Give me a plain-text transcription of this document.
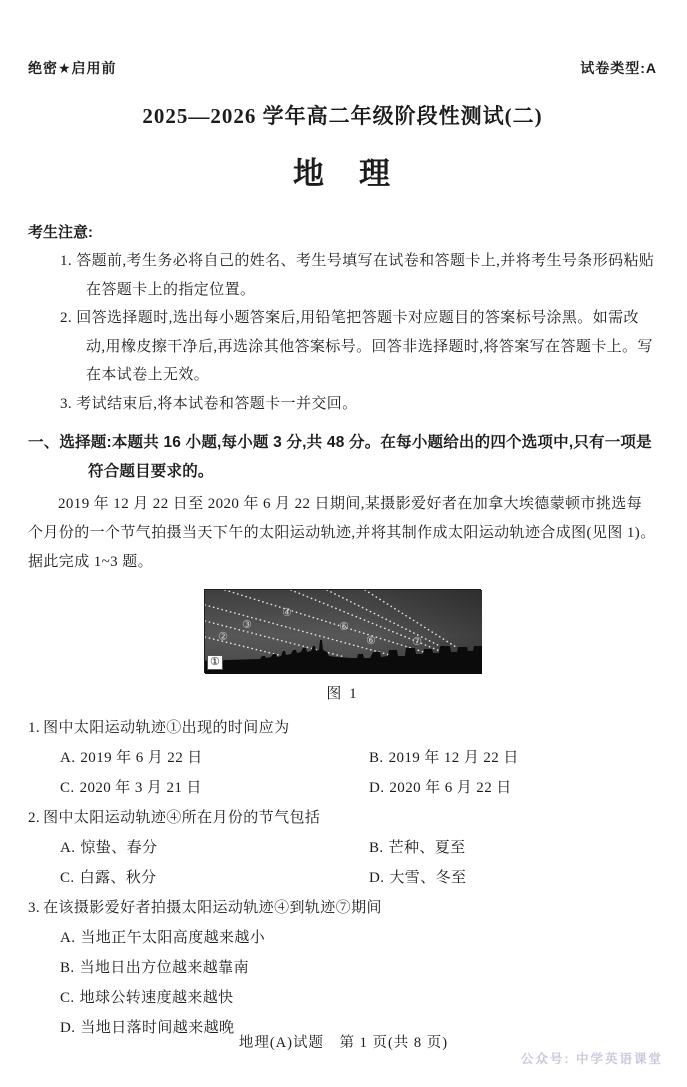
绝密★启用前	试卷类型:A
2025—2026 学年高二年级阶段性测试(二)
地　理
考生注意:

1. 答题前,考生务必将自己的姓名、考生号填写在试卷和答题卡上,并将考生号条形码粘贴在答题卡上的指定位置。

2. 回答选择题时,选出每小题答案后,用铅笔把答题卡对应题目的答案标号涂黑。如需改动,用橡皮擦干净后,再选涂其他答案标号。回答非选择题时,将答案写在答题卡上。写在本试卷上无效。

3. 考试结束后,将本试卷和答题卡一并交回。

一、选择题:本题共 16 小题,每小题 3 分,共 48 分。在每小题给出的四个选项中,只有一项是符合题目要求的。

2019 年 12 月 22 日至 2020 年 6 月 22 日期间,某摄影爱好者在加拿大埃德蒙顿市挑选每个月份的一个节气拍摄当天下午的太阳运动轨迹,并将其制作成太阳运动轨迹合成图(见图 1)。据此完成 1~3 题。

①
②
③
④
⑤
⑥	⑦
图 1
1. 图中太阳运动轨迹①出现的时间应为
A. 2019 年 6 月 22 日	B. 2019 年 12 月 22 日
C. 2020 年 3 月 21 日	D. 2020 年 6 月 22 日
2. 图中太阳运动轨迹④所在月份的节气包括
A. 惊蛰、春分	B. 芒种、夏至
C. 白露、秋分	D. 大雪、冬至
3. 在该摄影爱好者拍摄太阳运动轨迹④到轨迹⑦期间
A. 当地正午太阳高度越来越小
B. 当地日出方位越来越靠南
C. 地球公转速度越来越快
D. 当地日落时间越来越晚
地理(A)试题　第 1 页(共 8 页)
公众号: 中学英语课堂
